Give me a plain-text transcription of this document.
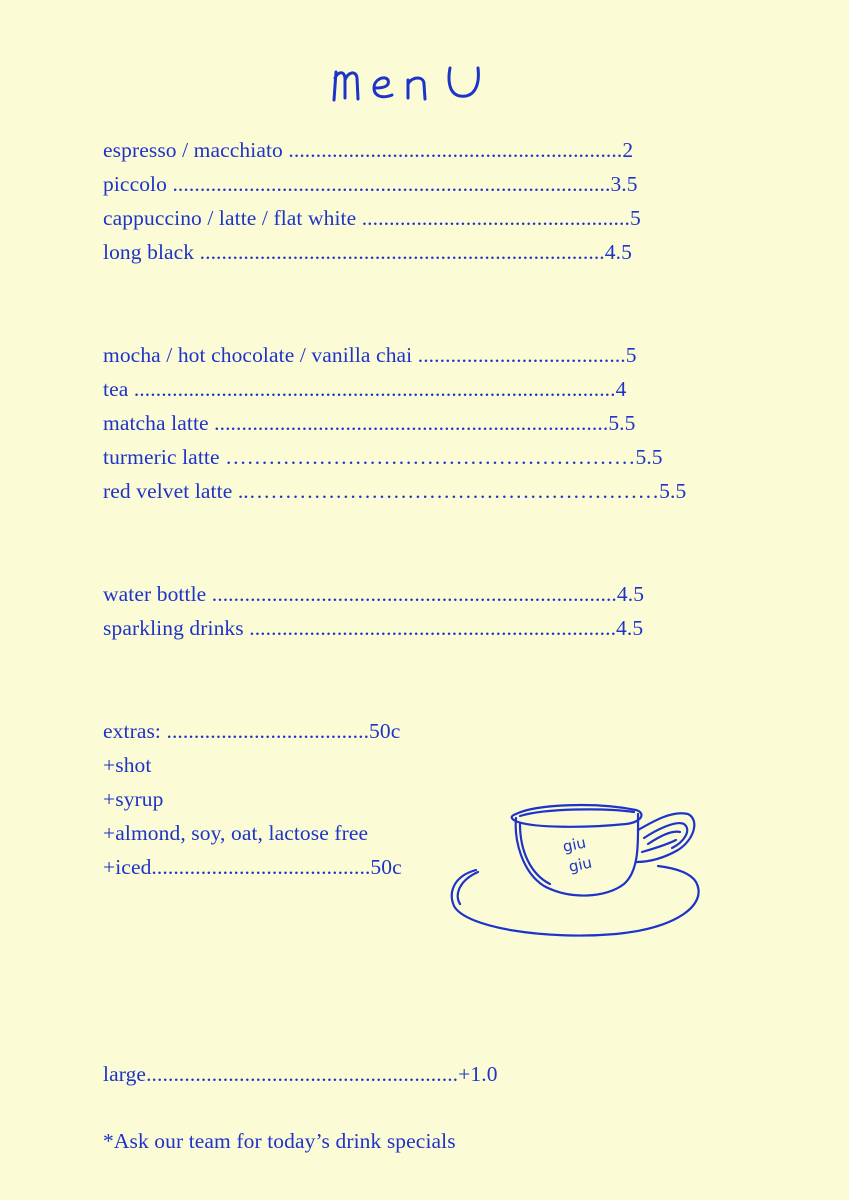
espresso / macchiato .............................................................2
piccolo ................................................................................3.5
cappuccino / latte / flat white .................................................5
long black ..........................................................................4.5
mocha / hot chocolate / vanilla chai ......................................5
tea ........................................................................................4
matcha latte ........................................................................5.5
turmeric latte …………………………………………………5.5
red velvet latte ..…………………………………………………5.5
water bottle ..........................................................................4.5
sparkling drinks ...................................................................4.5
extras: .....................................50c
+shot
+syrup
+almond, soy, oat, lactose free
+iced........................................50c
giu
giu
large.........................................................+1.0
*Ask our team for today’s drink specials
